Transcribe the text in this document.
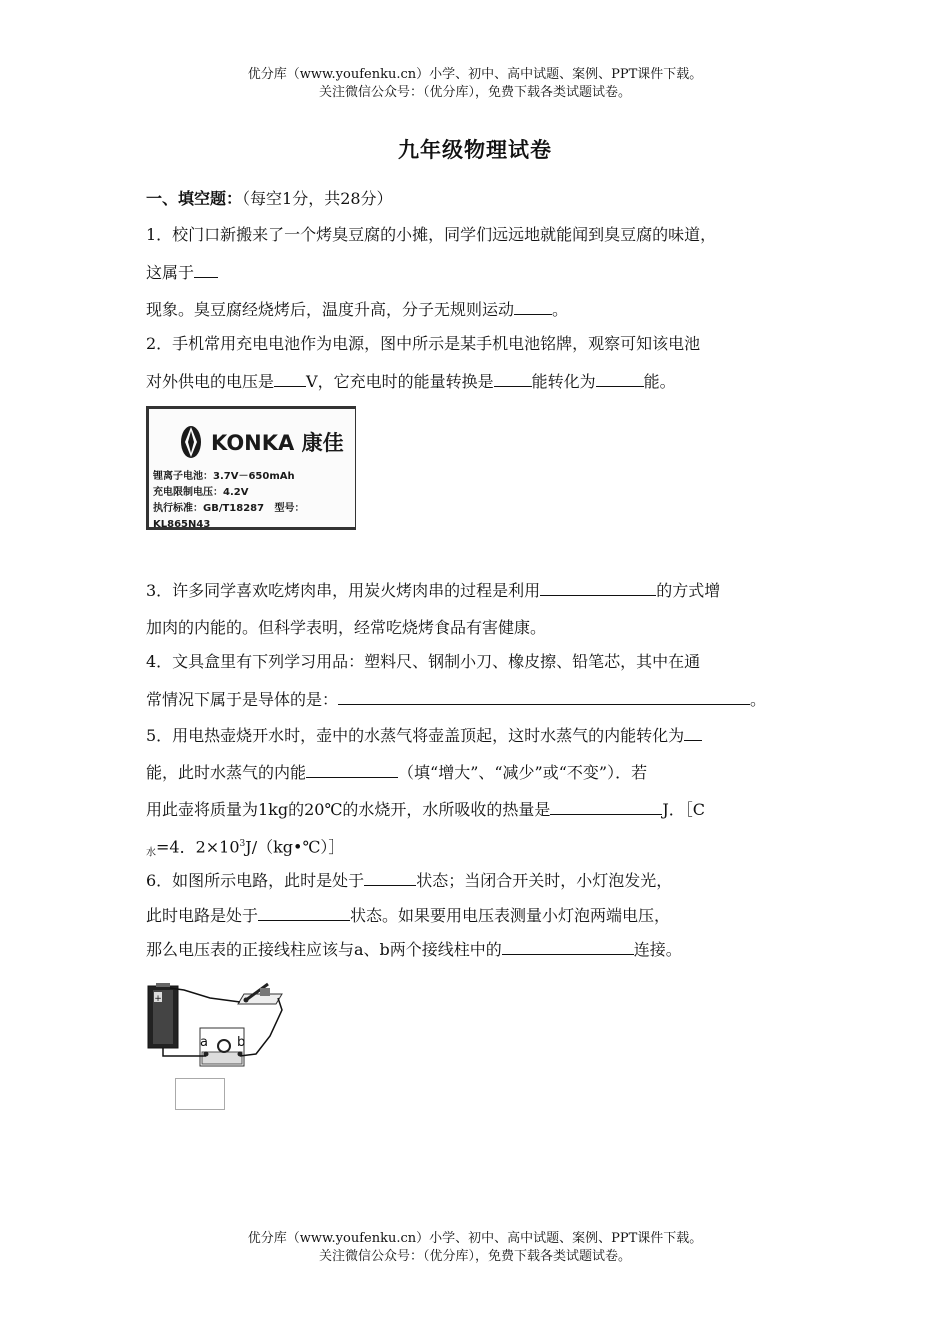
优分库（www.youfenku.cn）小学、初中、高中试题、案例、PPT课件下载。
关注微信公众号：（优分库），免费下载各类试题试卷。
九年级物理试卷
一、填空题：（每空1分，共28分）
1．校门口新搬来了一个烤臭豆腐的小摊，同学们远远地就能闻到臭豆腐的味道，
这属于
现象。臭豆腐经烧烤后，温度升高，分子无规则运动 。
2．手机常用充电电池作为电源，图中所示是某手机电池铭牌，观察可知该电池
对外供电的电压是 V，它充电时的能量转换是 能转化为	能。
KONKA 康佳
锂离子电池：3.7V－650mAh
充电限制电压：4.2V
执行标准：GB/T18287 型号：KL865N43
3．许多同学喜欢吃烤肉串，用炭火烤肉串的过程是利用	的方式增
加肉的内能的。但科学表明，经常吃烧烤食品有害健康。
4．文具盒里有下列学习用品：塑料尺、钢制小刀、橡皮擦、铅笔芯，其中在通
常情况下属于是导体的是：	。
5．用电热壶烧开水时，壶中的水蒸气将壶盖顶起，这时水蒸气的内能转化为
能，此时水蒸气的内能	（填“增大”、“减少”或“不变”）．若
用此壶将质量为1kg的20℃的水烧开，水所吸收的热量是	J．［C
$_水$=4．$2\times 10^3J/(kg•℃)]$
6．如图所示电路，此时是处于	状态；当闭合开关时，小灯泡发光，
此时电路是处于	状态。如果要用电压表测量小灯泡两端电压，
那么电压表的正接线柱应该与a、b两个接线柱中的	连接。
+
a b
优分库（www.youfenku.cn）小学、初中、高中试题、案例、PPT课件下载。
关注微信公众号：（优分库），免费下载各类试题试卷。
